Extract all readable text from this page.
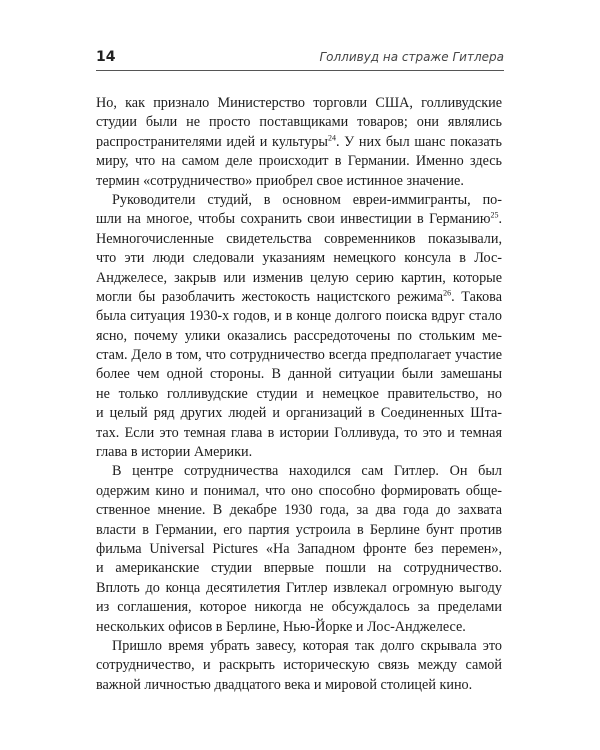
14	Голливуд на страже Гитлера
Но, как признало Министерство торговли США, голливудские
студии были не просто поставщиками товаров; они являлись
распространителями идей и культуры$^{24}$. У них был шанс показать
миру, что на самом деле происходит в Германии. Именно здесь
термин «сотрудничество» приобрел свое истинное значение.
Руководители студий, в основном евреи-иммигранты, по-
шли на многое, чтобы сохранить свои инвестиции в Германию$^{25}$.
Немногочисленные свидетельства современников показывали,
что эти люди следовали указаниям немецкого консула в Лос-
Анджелесе, закрыв или изменив целую серию картин, которые
могли бы разоблачить жестокость нацистского режима$^{26}$. Такова
была ситуация 1930-х годов, и в конце долгого поиска вдруг стало
ясно, почему улики оказались рассредоточены по стольким ме-
стам. Дело в том, что сотрудничество всегда предполагает участие
более чем одной стороны. В данной ситуации были замешаны
не только голливудские студии и немецкое правительство, но
и целый ряд других людей и организаций в Соединенных Шта-
тах. Если это темная глава в истории Голливуда, то это и темная
глава в истории Америки.
В центре сотрудничества находился сам Гитлер. Он был
одержим кино и понимал, что оно способно формировать обще-
ственное мнение. В декабре 1930 года, за два года до захвата
власти в Германии, его партия устроила в Берлине бунт против
фильма Universal Pictures «На Западном фронте без перемен»,
и американские студии впервые пошли на сотрудничество.
Вплоть до конца десятилетия Гитлер извлекал огромную выгоду
из соглашения, которое никогда не обсуждалось за пределами
нескольких офисов в Берлине, Нью-Йорке и Лос-Анджелесе.
Пришло время убрать завесу, которая так долго скрывала это
сотрудничество, и раскрыть историческую связь между самой
важной личностью двадцатого века и мировой столицей кино.
